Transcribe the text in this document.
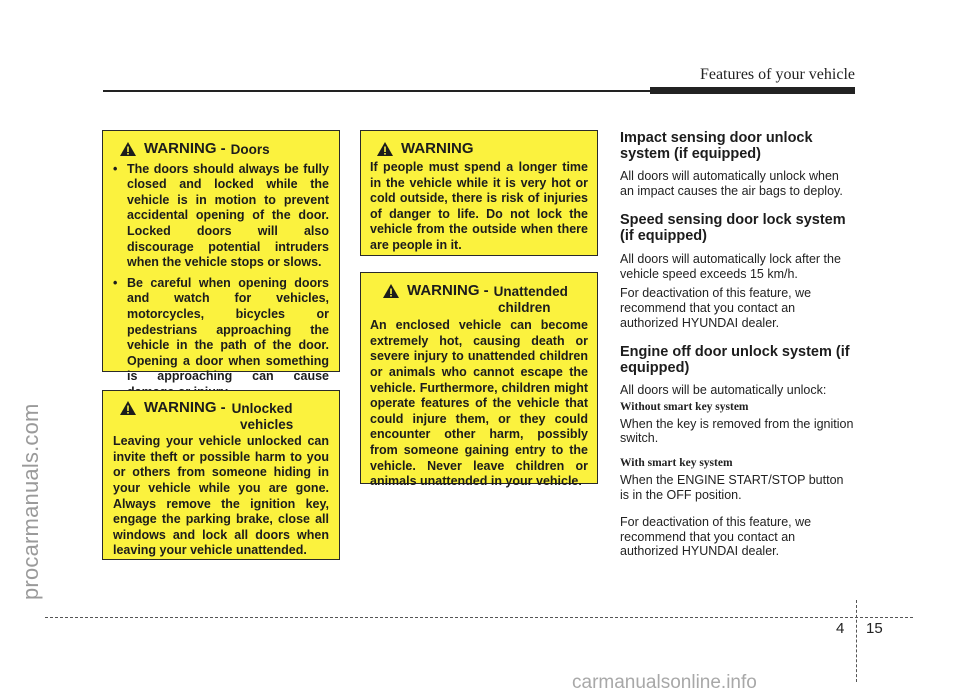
procarmanuals.com
Features of your vehicle
WARNING - Doors
• The doors should always be fully closed and locked while the vehicle is in motion to prevent accidental opening of the door. Locked doors will also discourage potential intruders when the vehicle stops or slows.
• Be careful when opening doors and watch for vehicles, motorcycles, bicycles or pedestrians approaching the vehicle in the path of the door. Opening a door when something is approaching can cause
WARNING - Unlocked
vehicles

Leaving your vehicle unlocked can invite theft or possible harm to you or others from someone hiding in your vehicle while you are gone. Always remove the ignition key, engage the parking brake, close all windows and lock all doors when leaving your vehicle unattended.

WARNING

If people must spend a longer time in the vehicle while it is very hot or cold outside, there is risk of injuries of danger to life. Do not lock the vehicle from the outside when there are people in it.

WARNING - Unattended
children

An enclosed vehicle can become extremely hot, causing death or severe injury to unattended children or animals who cannot escape the vehicle. Furthermore, children might operate features of the vehicle that could injure them, or they could encounter other harm, possibly from someone gaining entry to the vehicle. Never leave children or animals unattended in your vehicle.

Impact sensing door unlock system (if equipped)

All doors will automatically unlock when an impact causes the air bags to deploy.

Speed sensing door lock system (if equipped)

All doors will automatically lock after the vehicle speed exceeds 15 km/h.

For deactivation of this feature, we recommend that you contact an authorized HYUNDAI dealer.

Engine off door unlock system (if equipped)

All doors will be automatically unlock:

Without smart key system

When the key is removed from the ignition switch.

With smart key system

When the ENGINE START/STOP button is in the OFF position.

For deactivation of this feature, we recommend that you contact an authorized HYUNDAI dealer.

4 15
carmanualsonline.info
